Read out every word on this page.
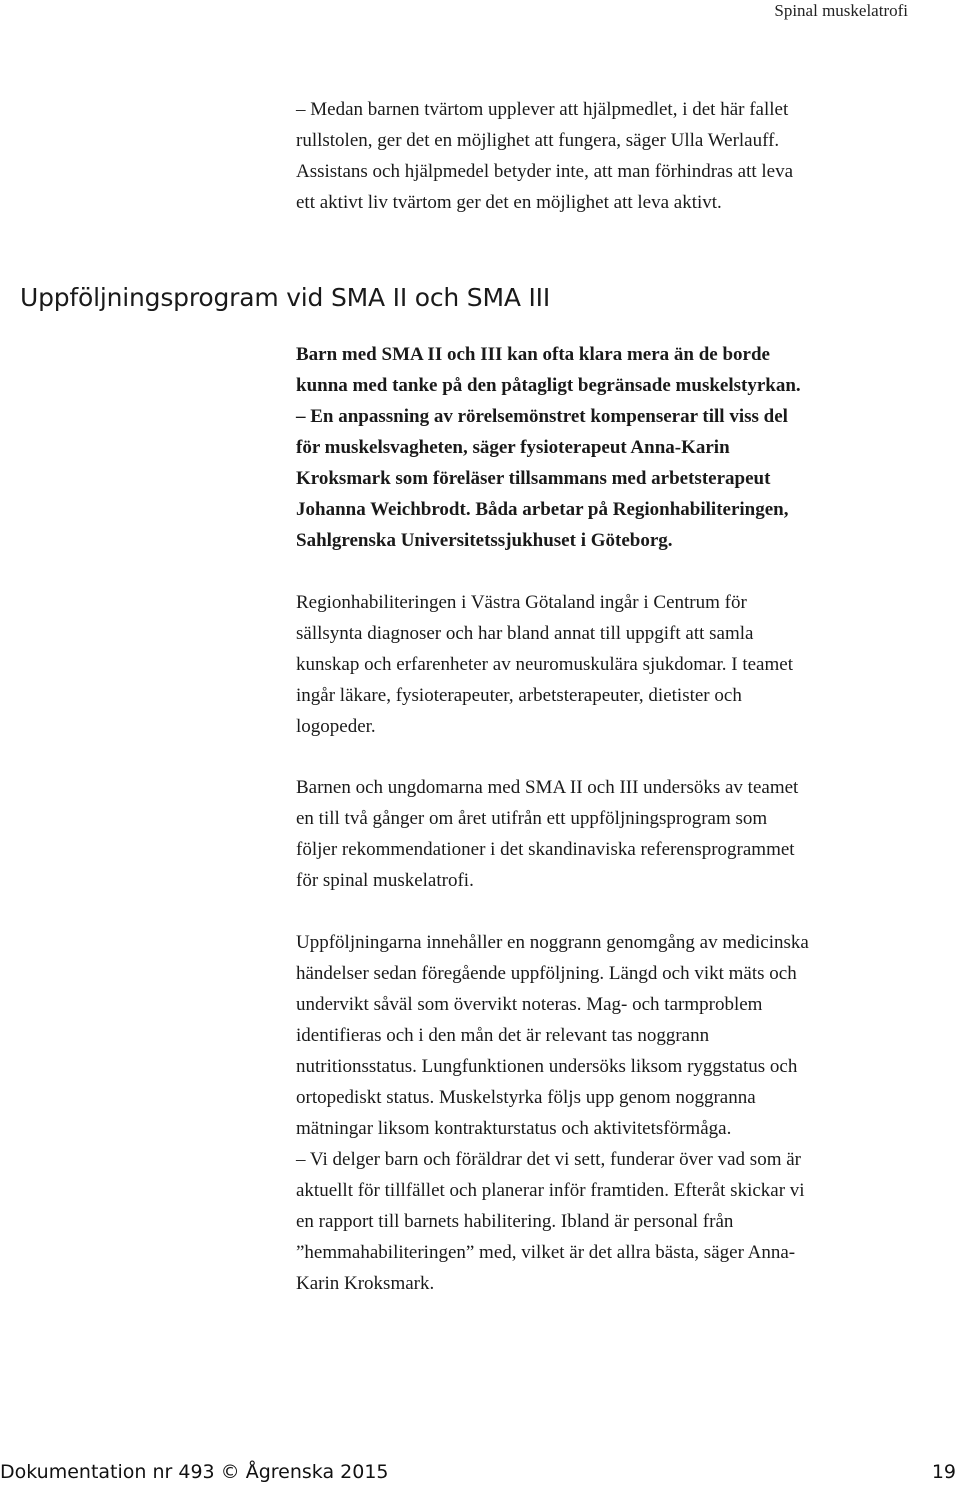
Spinal muskelatrofi

– Medan barnen tvärtom upplever att hjälpmedlet, i det här fallet
rullstolen, ger det en möjlighet att fungera, säger Ulla Werlauff.
Assistans och hjälpmedel betyder inte, att man förhindras att leva
ett aktivt liv tvärtom ger det en möjlighet att leva aktivt.

Uppföljningsprogram vid SMA II och SMA III

Barn med SMA II och III kan ofta klara mera än de borde
kunna med tanke på den påtagligt begränsade muskelstyrkan.
– En anpassning av rörelsemönstret kompenserar till viss del
för muskelsvagheten, säger fysioterapeut Anna-Karin
Kroksmark som föreläser tillsammans med arbetsterapeut
Johanna Weichbrodt. Båda arbetar på Regionhabiliteringen,
Sahlgrenska Universitetssjukhuset i Göteborg.

Regionhabiliteringen i Västra Götaland ingår i Centrum för
sällsynta diagnoser och har bland annat till uppgift att samla
kunskap och erfarenheter av neuromuskulära sjukdomar. I teamet
ingår läkare, fysioterapeuter, arbetsterapeuter, dietister och
logopeder.

Barnen och ungdomarna med SMA II och III undersöks av teamet
en till två gånger om året utifrån ett uppföljningsprogram som
följer rekommendationer i det skandinaviska referensprogrammet
för spinal muskelatrofi.

Uppföljningarna innehåller en noggrann genomgång av medicinska
händelser sedan föregående uppföljning. Längd och vikt mäts och
undervikt såväl som övervikt noteras. Mag- och tarmproblem
identifieras och i den mån det är relevant tas noggrann
nutritionsstatus. Lungfunktionen undersöks liksom ryggstatus och
ortopediskt status. Muskelstyrka följs upp genom noggranna
mätningar liksom kontrakturstatus och aktivitetsförmåga.
– Vi delger barn och föräldrar det vi sett, funderar över vad som är
aktuellt för tillfället och planerar inför framtiden. Efteråt skickar vi
en rapport till barnets habilitering. Ibland är personal från
”hemmahabiliteringen” med, vilket är det allra bästa, säger Anna-
Karin Kroksmark.

Dokumentation nr 493 © Ågrenska 2015	19
